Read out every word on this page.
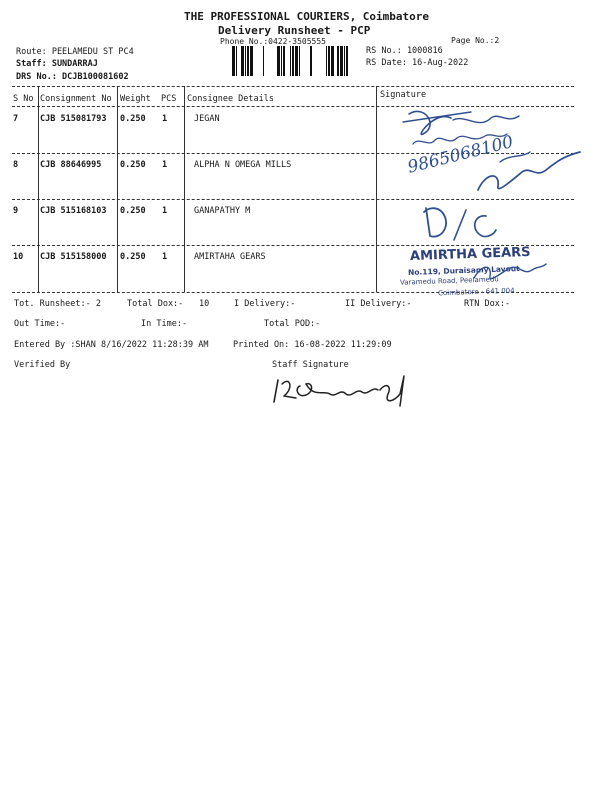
THE PROFESSIONAL COURIERS, Coimbatore
Delivery Runsheet - PCP
Phone No.:0422-3505555	Page No.:2
Route: PEELAMEDU ST PC4
Staff: SUNDARRAJ
DRS No.: DCJB100081602
RS No.: 1000816
RS Date: 16-Aug-2022
S No Consignment No Weight PCS Consignee Details	Signature
7	CJB 515081793 0.250 1	JEGAN
8	CJB 88646995 0.250 1	ALPHA N OMEGA MILLS
9	CJB 515168103 0.250 1	GANAPATHY M
10 CJB 515158000 0.250 1	AMIRTAHA GEARS
9865068100
AMIRTHA GEARS
No.119, Duraisamy Layout
Varamedu Road, Peelamedu
Coimbatore - 641 004
Tot. Runsheet:- 2	Total Dox:- 10	I Delivery:-	II Delivery:-	RTN Dox:-
Out Time:-	In Time:-	Total POD:-
Entered By :SHAN 8/16/2022 11:28:39 AM	Printed On: 16-08-2022 11:29:09
Verified By	Staff Signature
